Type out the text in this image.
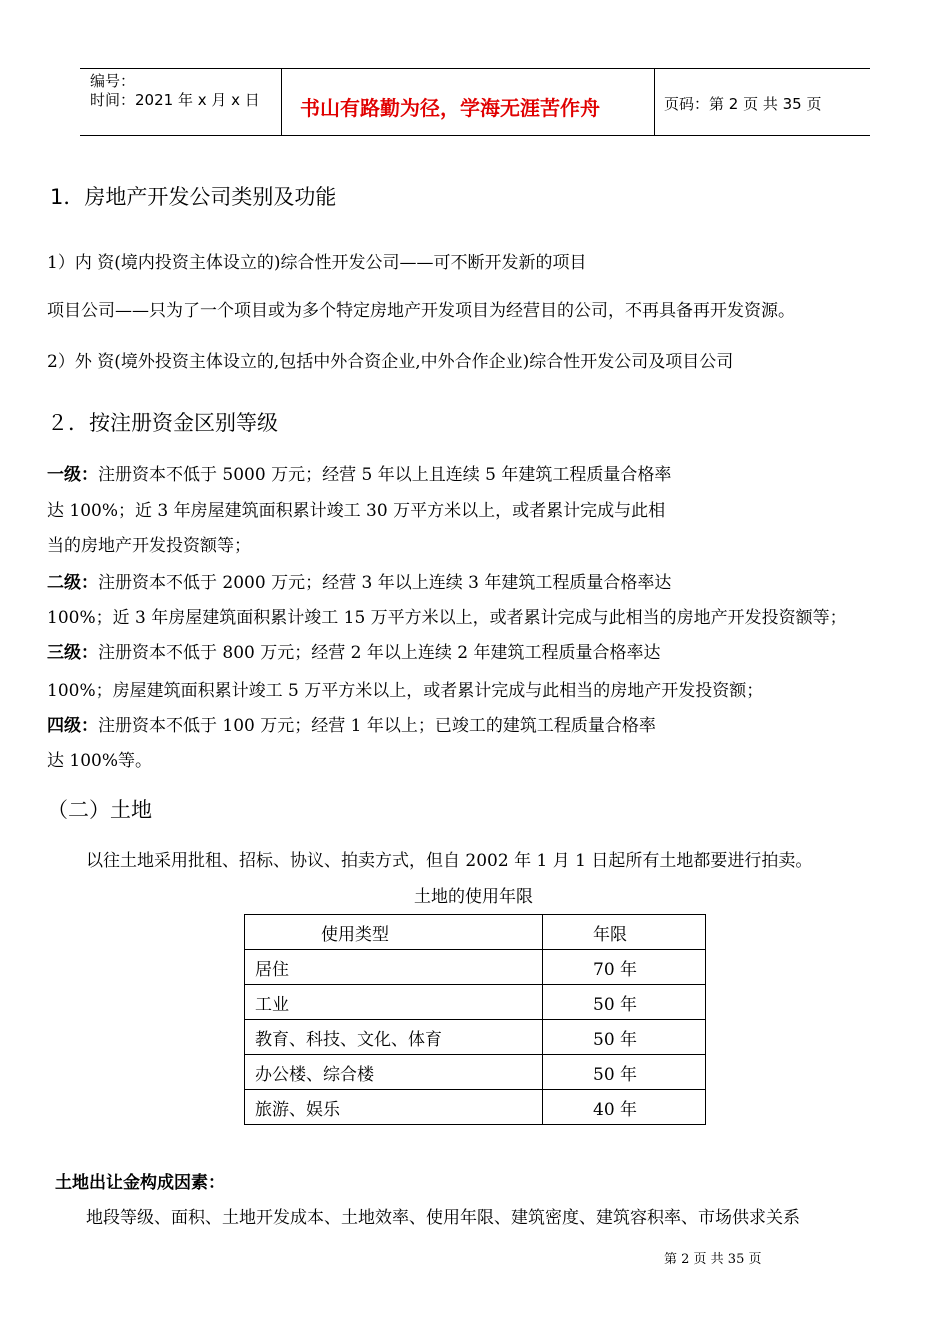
编号：
时间：2021 年 x 月 x 日 书山有路勤为径，学海无涯苦作舟	页码：第 2 页 共 35 页
1．房地产开发公司类别及功能
1）内 资(境内投资主体设立的)综合性开发公司——可不断开发新的项目
项目公司——只为了一个项目或为多个特定房地产开发项目为经营目的公司，不再具备再开发资源。
2）外 资(境外投资主体设立的,包括中外合资企业,中外合作企业)综合性开发公司及项目公司
２．按注册资金区别等级
一级：注册资本不低于 5000 万元；经营 5 年以上且连续 5 年建筑工程质量合格率
达 100%；近 3 年房屋建筑面积累计竣工 30 万平方米以上，或者累计完成与此相
当的房地产开发投资额等；
二级：注册资本不低于 2000 万元；经营 3 年以上连续 3 年建筑工程质量合格率达
100%；近 3 年房屋建筑面积累计竣工 15 万平方米以上，或者累计完成与此相当的房地产开发投资额等；
三级：注册资本不低于 800 万元；经营 2 年以上连续 2 年建筑工程质量合格率达
100%；房屋建筑面积累计竣工 5 万平方米以上，或者累计完成与此相当的房地产开发投资额；
四级：注册资本不低于 100 万元；经营 1 年以上；已竣工的建筑工程质量合格率
达 100%等。
（二）土地
以往土地采用批租、招标、协议、拍卖方式，但自 2002 年 1 月 1 日起所有土地都要进行拍卖。
土地的使用年限
使用类型	年限
居住	70 年
工业	50 年
教育、科技、文化、体育	50 年
办公楼、综合楼	50 年
旅游、娱乐	40 年
土地出让金构成因素：
地段等级、面积、土地开发成本、土地效率、使用年限、建筑密度、建筑容积率、市场供求关系
第 2 页 共 35 页
